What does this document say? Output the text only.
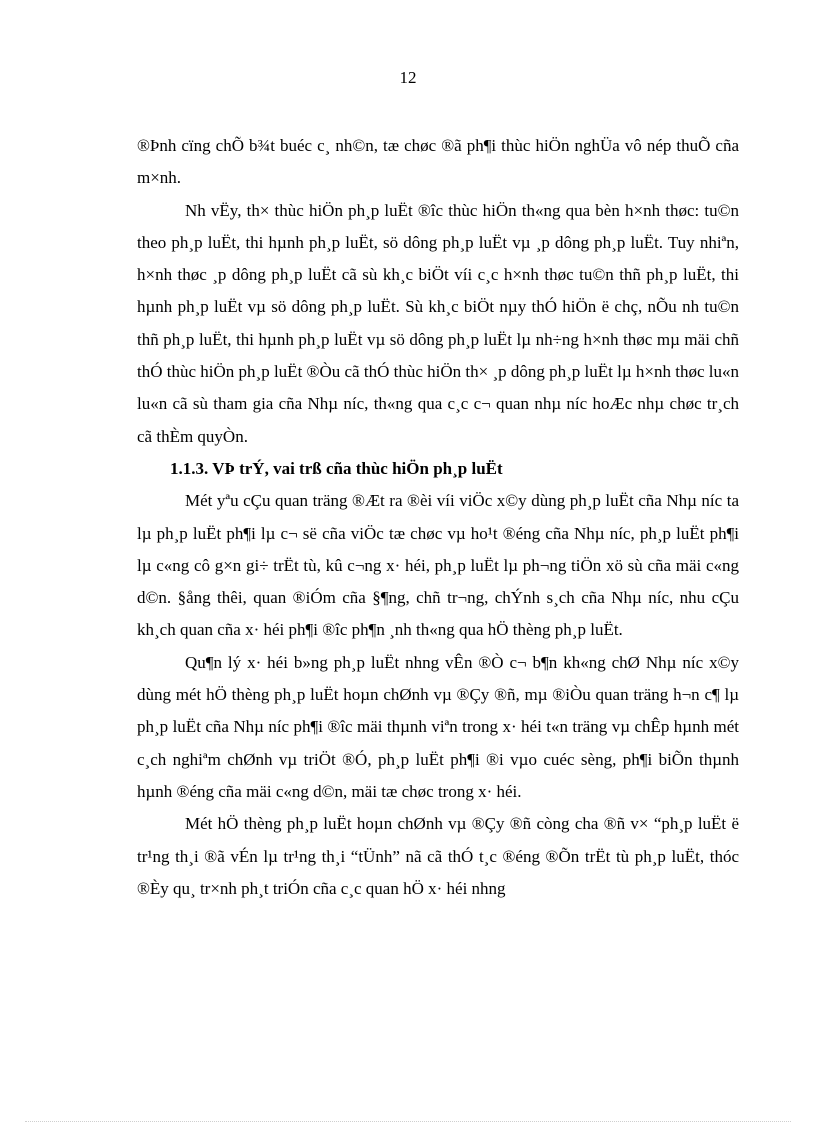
12

®Þnh cïng chÕ b¾t buéc c¸ nh©n, tæ chøc ®ã ph¶i thùc hiÖn nghÜa vô nép thuÕ cña m×nh.

Nh vËy, th× thùc hiÖn ph¸p luËt ®îc thùc hiÖn th«ng qua bèn h×nh thøc: tu©n theo ph¸p luËt, thi hµnh ph¸p luËt, sö dông ph¸p luËt vµ ¸p dông ph¸p luËt. Tuy nhiªn, h×nh thøc ¸p dông ph¸p luËt cã sù kh¸c biÖt víi c¸c h×nh thøc tu©n thñ ph¸p luËt, thi hµnh ph¸p luËt vµ sö dông ph¸p luËt. Sù kh¸c biÖt nµy thÓ hiÖn ë chç, nÕu nh tu©n thñ ph¸p luËt, thi hµnh ph¸p luËt vµ sö dông ph¸p luËt lµ nh÷ng h×nh thøc mµ mäi chñ thÓ thùc hiÖn ph¸p luËt ®Òu cã thÓ thùc hiÖn th× ¸p dông ph¸p luËt lµ h×nh thøc lu«n lu«n cã sù tham gia cña Nhµ níc, th«ng qua c¸c c¬ quan nhµ níc hoÆc nhµ chøc tr¸ch cã thÈm quyÒn.

1.1.3. VÞ trÝ, vai trß cña thùc hiÖn ph¸p luËt

Mét yªu cÇu quan träng ®Æt ra ®èi víi viÖc x©y dùng ph¸p luËt cña Nhµ níc ta lµ ph¸p luËt ph¶i lµ c¬ së cña viÖc tæ chøc vµ ho¹t ®éng cña Nhµ níc, ph¸p luËt ph¶i lµ c«ng cô g×n gi÷ trËt tù, kû c¬ng x· héi, ph¸p luËt lµ ph¬ng tiÖn xö sù cña mäi c«ng d©n. §ång thêi, quan ®iÓm cña §¶ng, chñ tr¬ng, chÝnh s¸ch cña Nhµ níc, nhu cÇu kh¸ch quan cña x· héi ph¶i ®îc ph¶n ¸nh th«ng qua hÖ thèng ph¸p luËt.

Qu¶n lý x· héi b»ng ph¸p luËt nhng vÊn ®Ò c¬ b¶n kh«ng chØ Nhµ níc x©y dùng mét hÖ thèng ph¸p luËt hoµn chØnh vµ ®Çy ®ñ, mµ ®iÒu quan träng h¬n c¶ lµ ph¸p luËt cña Nhµ níc ph¶i ®îc mäi thµnh viªn trong x· héi t«n träng vµ chÊp hµnh mét c¸ch nghiªm chØnh vµ triÖt ®Ó, ph¸p luËt ph¶i ®i vµo cuéc sèng, ph¶i biÕn thµnh hµnh ®éng cña mäi c«ng d©n, mäi tæ chøc trong x· héi.

Mét hÖ thèng ph¸p luËt hoµn chØnh vµ ®Çy ®ñ còng cha ®ñ v× “ph¸p luËt ë tr¹ng th¸i ®ã vÉn lµ tr¹ng th¸i “tÜnh” nã cã thÓ t¸c ®éng ®Õn trËt tù ph¸p luËt, thóc ®Èy qu¸ tr×nh ph¸t triÓn cña c¸c quan hÖ x· héi nhng
